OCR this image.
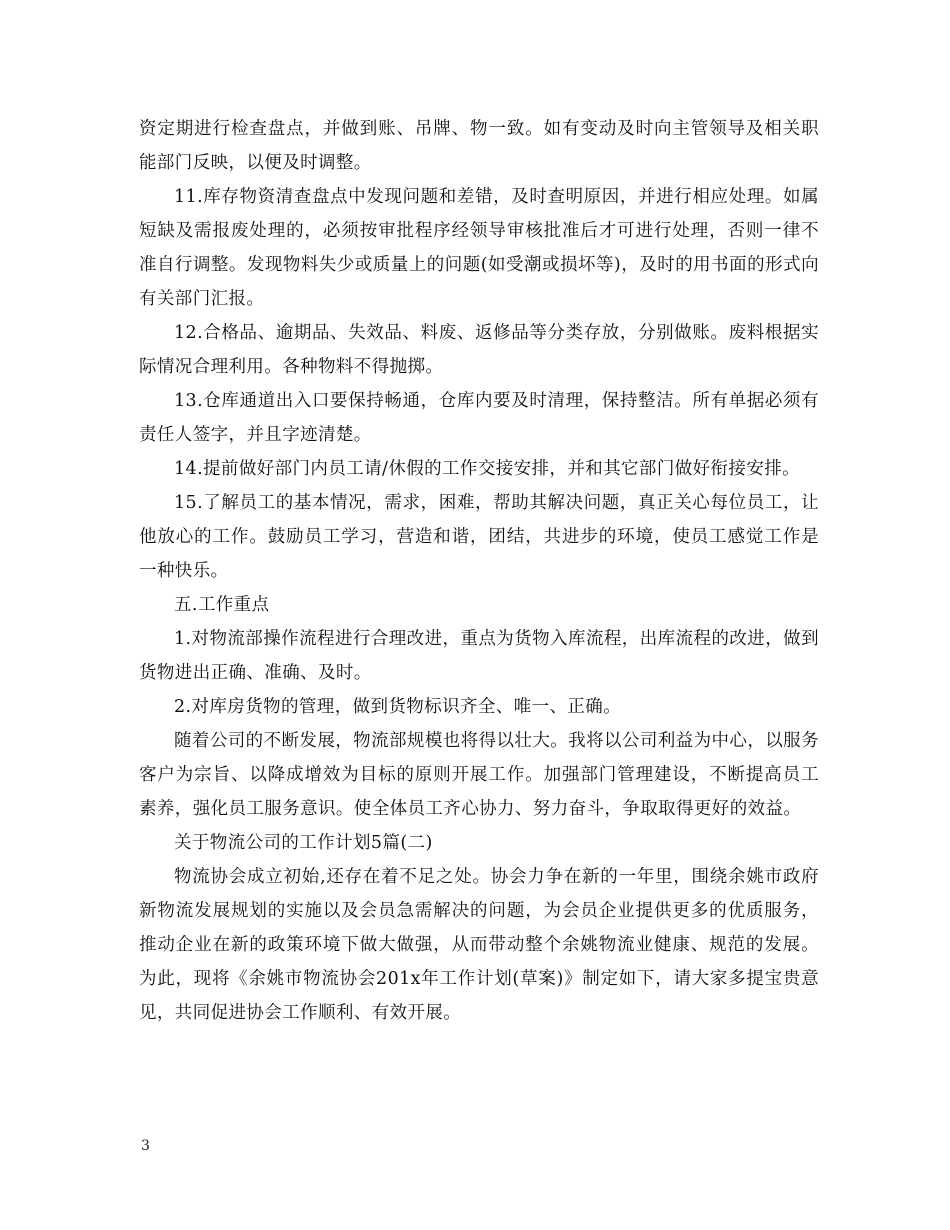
资定期进行检查盘点，并做到账、吊牌、物一致。如有变动及时向主管领导及相关职能部门反映，以便及时调整。

11.库存物资清查盘点中发现问题和差错，及时查明原因，并进行相应处理。如属短缺及需报废处理的，必须按审批程序经领导审核批准后才可进行处理，否则一律不准自行调整。发现物料失少或质量上的问题(如受潮或损坏等)，及时的用书面的形式向有关部门汇报。

12.合格品、逾期品、失效品、料废、返修品等分类存放，分别做账。废料根据实际情况合理利用。各种物料不得抛掷。

13.仓库通道出入口要保持畅通，仓库内要及时清理，保持整洁。所有单据必须有责任人签字，并且字迹清楚。

14.提前做好部门内员工请/休假的工作交接安排，并和其它部门做好衔接安排。

15.了解员工的基本情况，需求，困难，帮助其解决问题，真正关心每位员工，让他放心的工作。鼓励员工学习，营造和谐，团结，共进步的环境，使员工感觉工作是一种快乐。

五.工作重点

1.对物流部操作流程进行合理改进，重点为货物入库流程，出库流程的改进，做到货物进出正确、准确、及时。

2.对库房货物的管理，做到货物标识齐全、唯一、正确。

随着公司的不断发展，物流部规模也将得以壮大。我将以公司利益为中心，以服务客户为宗旨、以降成增效为目标的原则开展工作。加强部门管理建设，不断提高员工素养，强化员工服务意识。使全体员工齐心协力、努力奋斗，争取取得更好的效益。

关于物流公司的工作计划5篇(二)

物流协会成立初始,还存在着不足之处。协会力争在新的一年里，围绕余姚市政府新物流发展规划的实施以及会员急需解决的问题，为会员企业提供更多的优质服务，推动企业在新的政策环境下做大做强，从而带动整个余姚物流业健康、规范的发展。为此，现将《余姚市物流协会201x年工作计划(草案)》制定如下，请大家多提宝贵意见，共同促进协会工作顺利、有效开展。

3
